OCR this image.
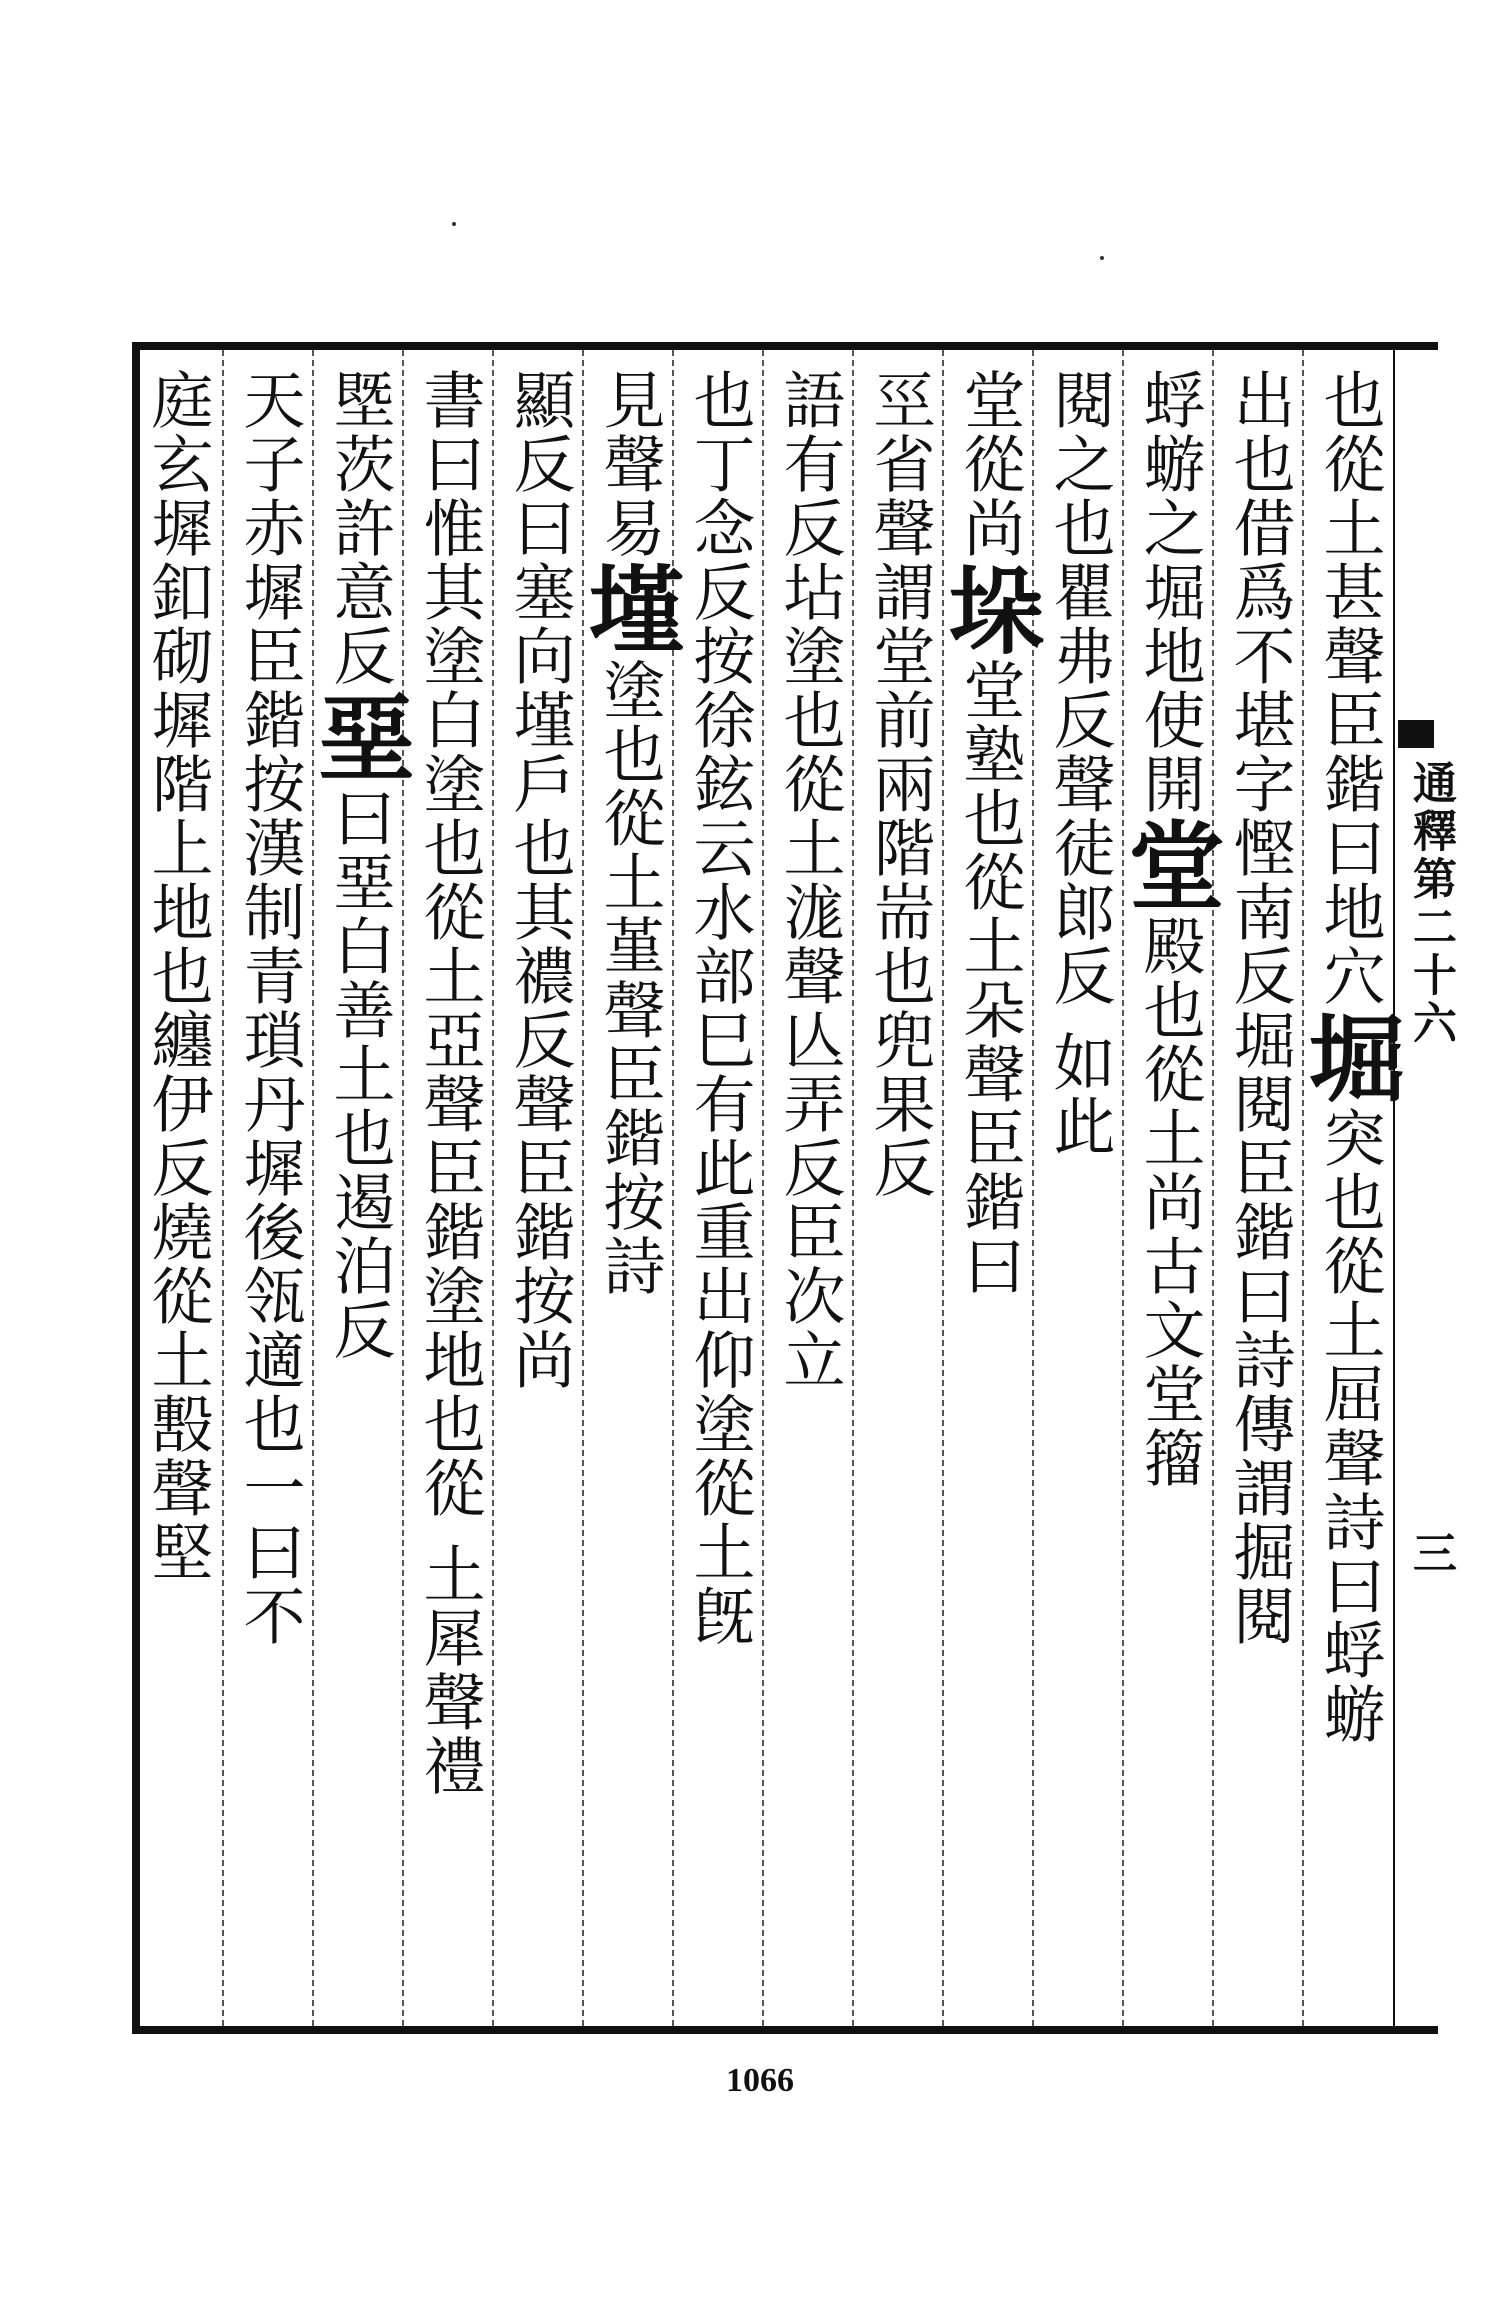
通釋第二十六
三
也從土甚聲臣鍇曰地穴堀突也從土屈聲詩曰蜉蝣
出也借爲不堪字慳南反堀閱臣鍇曰詩傳謂掘閱
蜉蝣之堀地使開堂殿也從土尚古文堂籀
閱之也瞿弗反聲徒郎反 如此
堂從尚垛堂塾也從土朵聲臣鍇曰
巠省聲謂堂前兩階耑也兜果反
語有反坫塗也從土浝聲亾弄反臣次立
也丁念反按徐鉉云水部巳有此重出仰塗從土旣
見聲易墐塗也從土堇聲臣鍇按詩
顯反曰塞向墐戶也其禯反聲臣鍇按尚
書曰惟其塗白塗也從土亞聲臣鍇塗地也從 土犀聲禮
塈茨許意反堊曰堊白善土也遏泊反
天子赤墀臣鍇按漢制青瑣丹墀後瓴適也一曰不
庭玄墀釦砌墀階上地也纏伊反燒從土毄聲堅
1066
